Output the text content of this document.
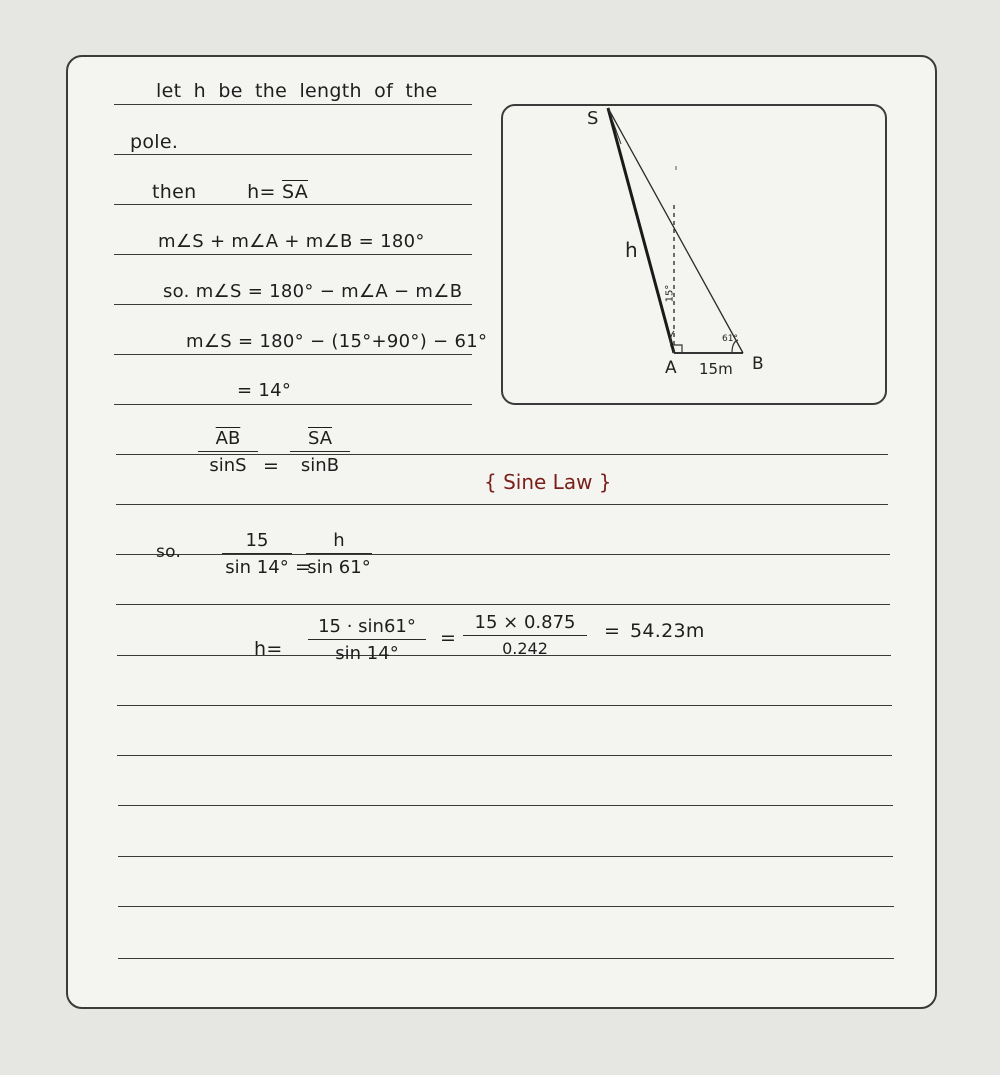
let h be the length of the
pole.
then	$h= \overline{SA}$
m∠S + m∠A + m∠B = 180°
so. m∠S = 180° − m∠A − m∠B
m∠S = 180° − (15°+90°) − 61°
= 14°
$\frac{\overline{AB}}{\sin S} = \frac{\overline{SA}}{\sin B}$
{ Sine Law }
so. $\frac{15}{\sin 14^\circ}$ =
$\frac{h}{\sin 61^\circ}$
$h= \frac{15 \cdot \sin 61^\circ}{\sin 14^\circ} = \frac{15 \times 0.875}{0.242} = 54.23m$
S
h
A 15m B
15°
61°
